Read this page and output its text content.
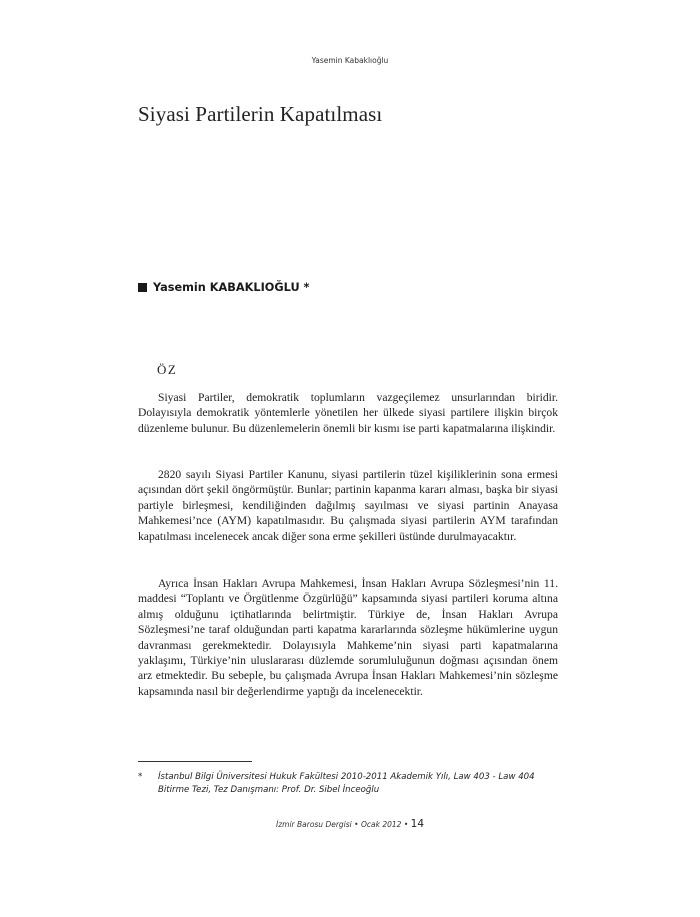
Yasemin Kabaklıoğlu
Siyasi Partilerin Kapatılması
Yasemin KABAKLIOĞLU *
ÖZ

Siyasi Partiler, demokratik toplumların vazgeçilemez unsurlarından biridir. Dolayısıyla demokratik yöntemlerle yönetilen her ülkede siyasi partilere ilişkin birçok düzenleme bulunur. Bu düzenlemelerin önemli bir kısmı ise parti kapatmalarına ilişkindir.

2820 sayılı Siyasi Partiler Kanunu, siyasi partilerin tüzel kişiliklerinin sona ermesi açısından dört şekil öngörmüştür. Bunlar; partinin kapanma kararı alması, başka bir siyasi partiyle birleşmesi, kendiliğinden dağılmış sayılması ve siyasi partinin Anayasa Mahkemesi’nce (AYM) kapatılmasıdır. Bu çalışmada siyasi partilerin AYM tarafından kapatılması incelenecek ancak diğer sona erme şekilleri üstünde durulmayacaktır.

Ayrıca İnsan Hakları Avrupa Mahkemesi, İnsan Hakları Avrupa Sözleşmesi’nin 11. maddesi “Toplantı ve Örgütlenme Özgürlüğü” kapsamında siyasi partileri koruma altına almış olduğunu içtihatlarında belirtmiştir. Türkiye de, İnsan Hakları Avrupa Sözleşmesi’ne taraf olduğundan parti kapatma kararlarında sözleşme hükümlerine uygun davranması gerekmektedir. Dolayısıyla Mahkeme’nin siyasi parti kapatmalarına yaklaşımı, Türkiye’nin uluslararası düzlemde sorumluluğunun doğması açısından önem arz etmektedir. Bu sebeple, bu çalışmada Avrupa İnsan Hakları Mahkemesi’nin sözleşme kapsamında nasıl bir değerlendirme yaptığı da incelenecektir.

*	İstanbul Bilgi Üniversitesi Hukuk Fakültesi 2010-2011 Akademik Yılı, Law 403 - Law 404 Bitirme Tezi, Tez Danışmanı: Prof. Dr. Sibel İnceoğlu
İzmir Barosu Dergisi • Ocak 2012 • 14
